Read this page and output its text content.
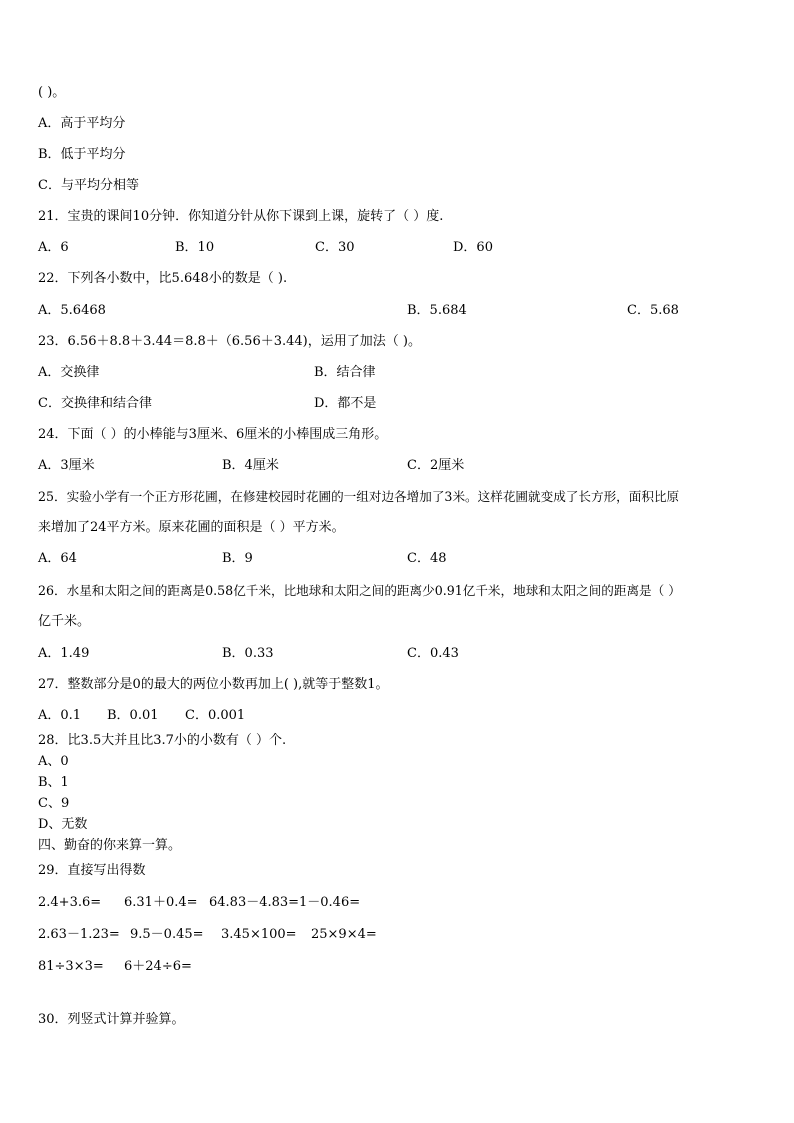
( )。
A．高于平均分
B．低于平均分
C．与平均分相等
21．宝贵的课间10分钟．你知道分针从你下课到上课，旋转了（ ）度.
A．6	B．10	C．30	D．60
22．下列各小数中，比5.648小的数是（ ).
A．5.6468	B．5.684	C．5.68
23．6.56＋8.8＋3.44＝8.8＋（6.56＋3.44)，运用了加法（ )。
A．交换律	B．结合律
C．交换律和结合律	D．都不是
24．下面（ ）的小棒能与3厘米、6厘米的小棒围成三角形。
A．3厘米	B．4厘米	C．2厘米
25．实验小学有一个正方形花圃，在修建校园时花圃的一组对边各增加了3米。这样花圃就变成了长方形，面积比原
来增加了24平方米。原来花圃的面积是（ ）平方米。
A．64	B．9	C．48
26．水星和太阳之间的距离是0.58亿千米，比地球和太阳之间的距离少0.91亿千米，地球和太阳之间的距离是（ ）
亿千米。
A．1.49	B．0.33	C．0.43
27．整数部分是0的最大的两位小数再加上( ),就等于整数1。
A．0.1 B．0.01 C．0.001
28．比3.5大并且比3.7小的小数有（ ）个.
A、0
B、1
C、9
D、无数
四、勤奋的你来算一算。
29．直接写出得数
2.4+3.6= 6.31＋0.4= 64.83－4.83= 1－0.46=
2.63－1.23= 9.5－0.45= 3.45×100= 25×9×4=
81÷3×3= 6＋24÷6=
30．列竖式计算并验算。
